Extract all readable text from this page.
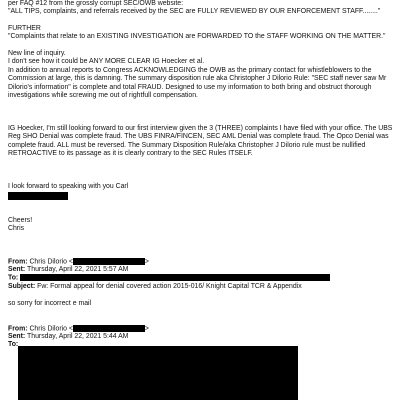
per FAQ #12 from the grossly corrupt SEC/OWB website:
"ALL TIPS, complaints, and referrals received by the SEC are FULLY REVIEWED BY OUR ENFORCEMENT STAFF........"
FURTHER
"Complaints that relate to an EXISTING INVESTIGATION are FORWARDED TO the STAFF WORKING ON THE MATTER."
New line of inquiry.
I don't see how it could be ANY MORE CLEAR IG Hoecker et al.
In addition to annual reports to Congress ACKNOWLEDGING the OWB as the primary contact for whistleblowers to the Commission at large, this is damning. The summary disposition rule aka Christopher J Dilorio Rule: "SEC staff never saw Mr Dilorio's information" is complete and total FRAUD. Designed to use my information to both bring and obstruct thorough investigations while screwing me out of rightfull compensation.
IG Hoecker, I'm still looking forward to our first interview given the 3 (THREE) complaints I have filed with your office. The UBS Reg SHO Denial was complete fraud. The UBS FINRA/FINCEN, SEC AML Denial was complete fraud. The Opco Denial was complete fraud. ALL must be reversed. The Summary Disposition Rule/aka Christopher J Dilorio rule must be nullified RETROACTIVE to its passage as it is clearly contrary to the SEC Rules ITSELF.
I look forward to speaking with you Carl
Cheers!
Chris
From: Chris Dilorio <	>
Sent: Thursday, April 22, 2021 5:57 AM
To:
Subject: Fw: Formal appeal for denial covered action 2015-016/ Knight Capital TCR & Appendix
so sorry for incorrect e mail
From: Chris Dilorio <	>
Sent: Thursday, April 22, 2021 5:44 AM
To:
